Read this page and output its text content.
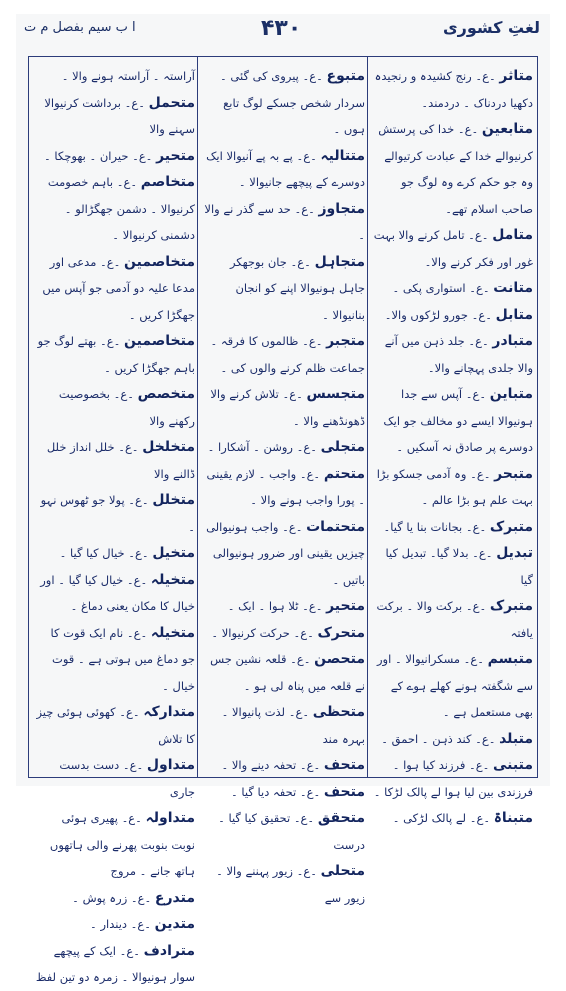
لغتِ کشوری
۴۳۰
ا ب سیم بفصل م ت

متاثر ۔ع۔ رنج کشیدہ و رنجیدہ دکھیا دردناک ۔ دردمند۔

متابعین ۔ع۔ خدا کی پرستش کرنیوالے خدا کے عبادت کرتیوالے وہ جو حکم کرے وہ لوگ جو صاحب اسلام تھے۔

متامل ۔ع۔ تامل کرنے والا بہت غور اور فکر کرنے والا۔

متانت ۔ع۔ استواری پکی ۔

متابل ۔ع۔ جورو لڑکوں والا۔

متبادر ۔ع۔ جلد ذہن میں آنے والا جلدی پہچانے والا۔

متباین ۔ع۔ آپس سے جدا ہونیوالا ایسے دو مخالف جو ایک دوسرے پر صادق نہ آسکیں ۔

متبحر ۔ع۔ وہ آدمی جسکو بڑا بہت علم ہو بڑا عالم ۔

متبرک ۔ع۔ بجانات بنا یا گیا۔

تبدیل ۔ع۔ بدلا گیا۔ تبدیل کیا گیا

متبرک ۔ع۔ برکت والا ۔ برکت یافتہ

متبسم ۔ع۔ مسکرانیوالا ۔ اور سے شگفتہ ہونے کھلے ہوے کے بھی مستعمل ہے ۔

متبلد ۔ع۔ کند ذہن ۔ احمق ۔

متبنی ۔ع۔ فرزند کیا ہوا ۔ فرزندی بین لیا ہوا لے پالک لڑکا ۔

متبناۃ ۔ع۔ لے پالک لڑکی ۔

متبوع ۔ع۔ پیروی کی گئی ۔ سردار شخص جسکے لوگ تابع ہوں ۔

متتالیہ ۔ع۔ پے بہ پے آنیوالا ایک دوسرے کے پیچھے جانیوالا ۔

متجاوز ۔ع۔ حد سے گذر نے والا ۔

متجاہل ۔ع۔ جان بوجھکر جاہل ہونیوالا اپنے کو انجان بنانیوالا ۔

متجبر ۔ع۔ ظالموں کا فرقہ ۔ جماعت ظلم کرنے والوں کی ۔

متجسس ۔ع۔ تلاش کرنے والا ڈھونڈھنے والا ۔

متجلی ۔ع۔ روشن ۔ آشکارا ۔

متحتم ۔ع۔ واجب ۔ لازم یقینی ۔ پورا واجب ہونے والا ۔

متحتمات ۔ع۔ واجب ہونیوالی چیزیں یقینی اور ضرور ہونیوالی باتیں ۔

متحیر ۔ع۔ ٹلا ہوا ۔ ایک ۔

متحرک ۔ع۔ حرکت کرنیوالا ۔

متحصن ۔ع۔ قلعہ نشین جس نے قلعہ میں پناہ لی ہو ۔

متحظی ۔ع۔ لذت پانیوالا ۔ بہرہ مند

متحف ۔ع۔ تحفہ دینے والا ۔

متحف ۔ع۔ تحفہ دیا گیا ۔

متحقق ۔ع۔ تحقیق کیا گیا ۔ درست

متحلی ۔ع۔ زیور پہننے والا ۔ زیور سے

آراستہ ۔ آراستہ ہونے والا ۔

متحمل ۔ع۔ برداشت کرنیوالا سہنے والا

متحیر ۔ع۔ حیران ۔ بھوچکا ۔

متخاصم ۔ع۔ باہم خصومت کرنیوالا ۔ دشمن جھگڑالو ۔ دشمنی کرنیوالا ۔

متخاصمین ۔ع۔ مدعی اور مدعا علیہ دو آدمی جو آپس میں جھگڑا کریں ۔

متخاصمین ۔ع۔ بھتے لوگ جو باہم جھگڑا کریں ۔

متخصص ۔ع۔ بخصوصیت رکھنے والا

متخلخل ۔ع۔ خلل انداز خلل ڈالنے والا

متخلل ۔ع۔ پولا جو ٹھوس نہو ۔

متخیل ۔ع۔ خیال کیا گیا ۔

متخیلہ ۔ع۔ خیال کیا گیا ۔ اور خیال کا مکان یعنی دماغ ۔

متخیلہ ۔ع۔ نام ایک قوت کا جو دماغ میں ہوتی ہے ۔ قوت خیال ۔

متدارکہ ۔ع۔ کھوئی ہوئی چیز کا تلاش

متداول ۔ع۔ دست بدست جاری

متداولہ ۔ع۔ پھیری ہوئی نوبت بنوبت پھرنے والی ہاتھوں ہاتھ جانے ۔ مروج

متدرع ۔ع۔ زرہ پوش ۔

متدین ۔ع۔ دیندار ۔

مترادف ۔ع۔ ایک کے پیچھے سوار ہونیوالا ۔ زمرہ دو تین لفظ
